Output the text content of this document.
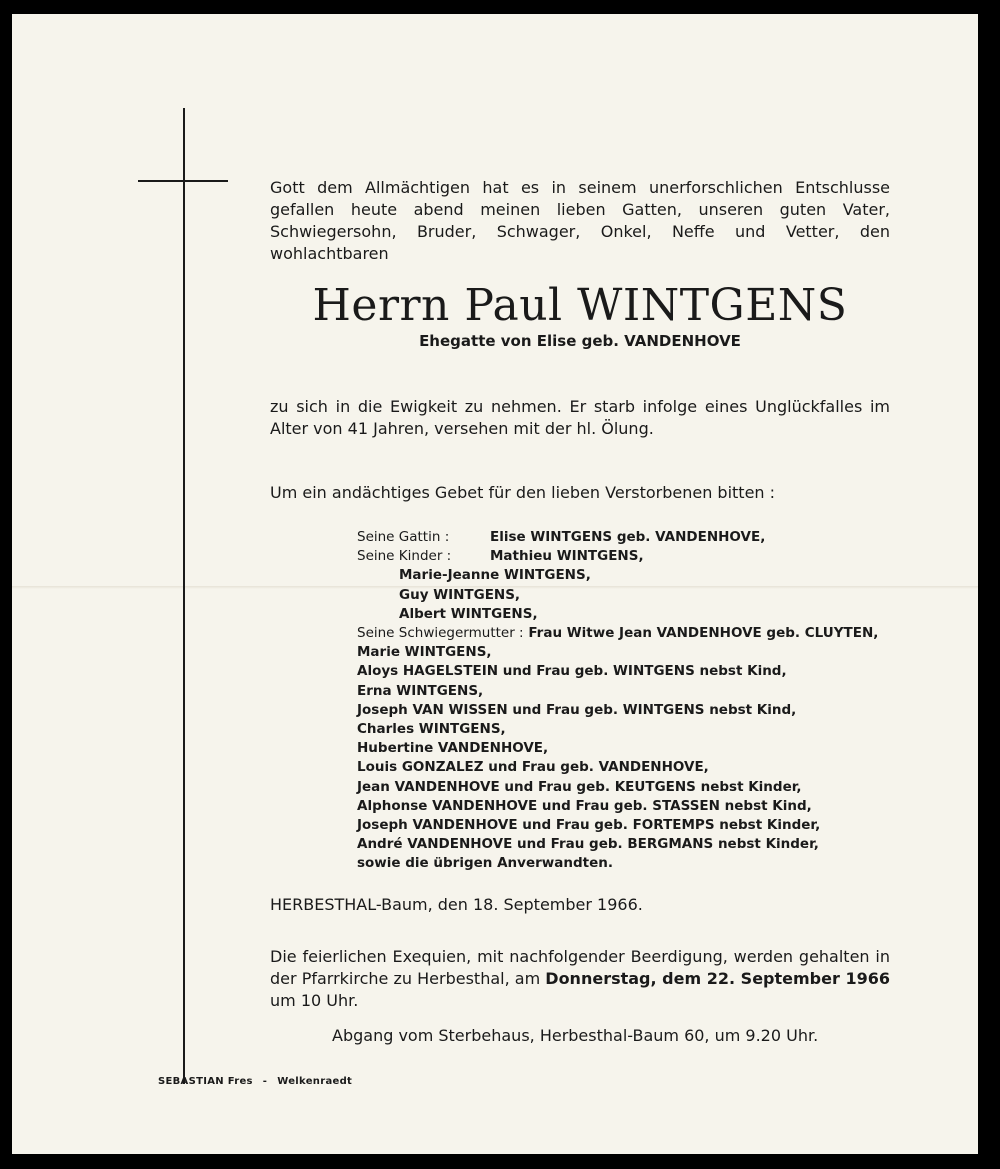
Gott dem Allmächtigen hat es in seinem unerforschlichen Entschlusse gefallen heute abend meinen lieben Gatten, unseren guten Vater, Schwiegersohn, Bruder, Schwager, Onkel, Neffe und Vetter, den wohlachtbaren
Herrn Paul WINTGENS
Ehegatte von Elise geb. VANDENHOVE
zu sich in die Ewigkeit zu nehmen. Er starb infolge eines Unglückfalles im Alter von 41 Jahren, versehen mit der hl. Ölung.
Um ein andächtiges Gebet für den lieben Verstorbenen bitten :
Seine Gattin :	Elise WINTGENS geb. VANDENHOVE,
Seine Kinder :	Mathieu WINTGENS,
Marie-Jeanne WINTGENS,
Guy WINTGENS,
Albert WINTGENS,
Seine Schwiegermutter : Frau Witwe Jean VANDENHOVE geb. CLUYTEN,
Marie WINTGENS,
Aloys HAGELSTEIN und Frau geb. WINTGENS nebst Kind,
Erna WINTGENS,
Joseph VAN WISSEN und Frau geb. WINTGENS nebst Kind,
Charles WINTGENS,
Hubertine VANDENHOVE,
Louis GONZALEZ und Frau geb. VANDENHOVE,
Jean VANDENHOVE und Frau geb. KEUTGENS nebst Kinder,
Alphonse VANDENHOVE und Frau geb. STASSEN nebst Kind,
Joseph VANDENHOVE und Frau geb. FORTEMPS nebst Kinder,
André VANDENHOVE und Frau geb. BERGMANS nebst Kinder,
sowie die übrigen Anverwandten.
HERBESTHAL-Baum, den 18. September 1966.
Die feierlichen Exequien, mit nachfolgender Beerdigung, werden gehalten in der Pfarrkirche zu Herbesthal, am Donnerstag, dem 22. September 1966 um 10 Uhr.
Abgang vom Sterbehaus, Herbesthal-Baum 60, um 9.20 Uhr.
SEBASTIAN Fres - Welkenraedt
